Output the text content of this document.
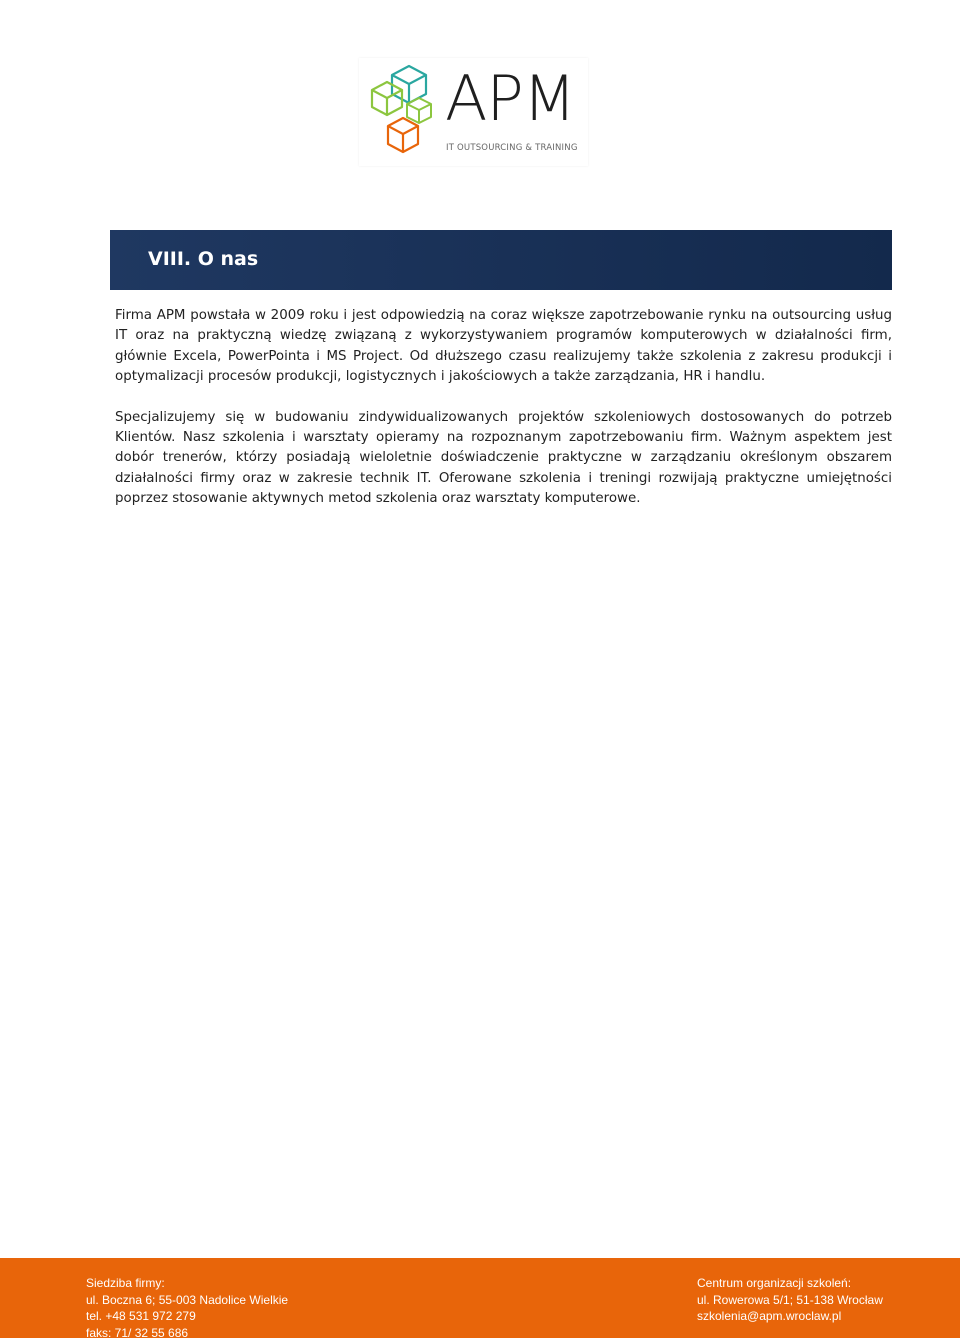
APM
IT OUTSOURCING & TRAINING
VIII. O nas

Firma APM powstała w 2009 roku i jest odpowiedzią na coraz większe zapotrzebowanie rynku na outsourcing usług IT oraz na praktyczną wiedzę związaną z wykorzystywaniem programów komputerowych w działalności firm, głównie Excela, PowerPointa i MS Project. Od dłuższego czasu realizujemy także szkolenia z zakresu produkcji i optymalizacji procesów produkcji, logistycznych i jakościowych a także zarządzania, HR i handlu.

Specjalizujemy się w budowaniu zindywidualizowanych projektów szkoleniowych dostosowanych do potrzeb Klientów. Nasz szkolenia i warsztaty opieramy na rozpoznanym zapotrzebowaniu firm. Ważnym aspektem jest dobór trenerów, którzy posiadają wieloletnie doświadczenie praktyczne w zarządzaniu określonym obszarem działalności firmy oraz w zakresie technik IT. Oferowane szkolenia i treningi rozwijają praktyczne umiejętności poprzez stosowanie aktywnych metod szkolenia oraz warsztaty komputerowe.

Siedziba firmy:
ul. Boczna 6; 55-003 Nadolice Wielkie
tel. +48 531 972 279
faks: 71/ 32 55 686
Centrum organizacji szkoleń:
ul. Rowerowa 5/1; 51-138 Wrocław
szkolenia@apm.wroclaw.pl
